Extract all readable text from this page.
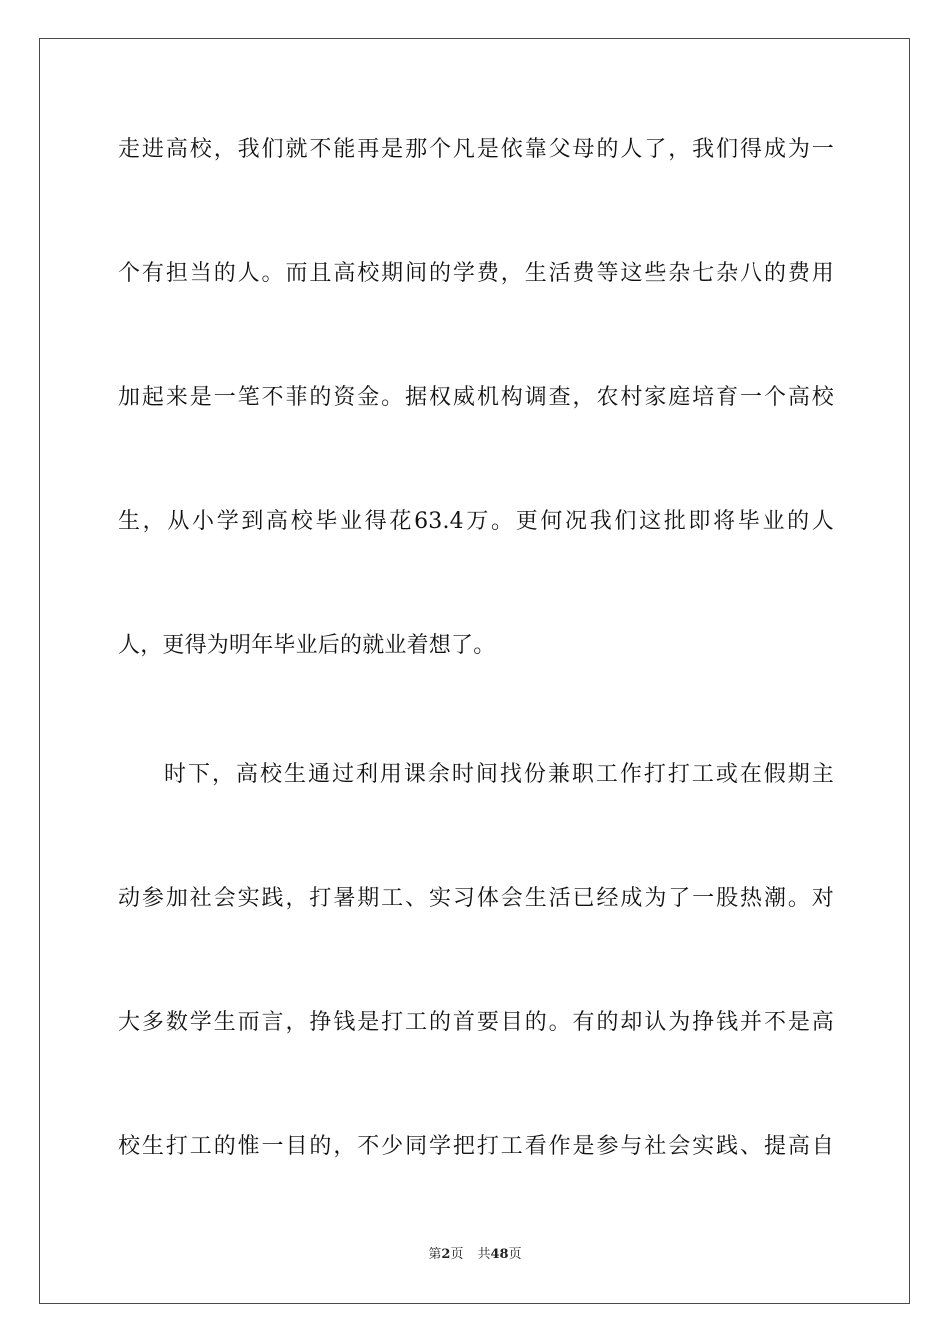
走进高校，我们就不能再是那个凡是依靠父母的人了，我们得成为一
个有担当的人。而且高校期间的学费，生活费等这些杂七杂八的费用
加起来是一笔不菲的资金。据权威机构调查，农村家庭培育一个高校
生，从小学到高校毕业得花63.4万。更何况我们这批即将毕业的人
人，更得为明年毕业后的就业着想了。
时下，高校生通过利用课余时间找份兼职工作打打工或在假期主
动参加社会实践，打暑期工、实习体会生活已经成为了一股热潮。对
大多数学生而言，挣钱是打工的首要目的。有的却认为挣钱并不是高
校生打工的惟一目的，不少同学把打工看作是参与社会实践、提高自
第2页 共48页
